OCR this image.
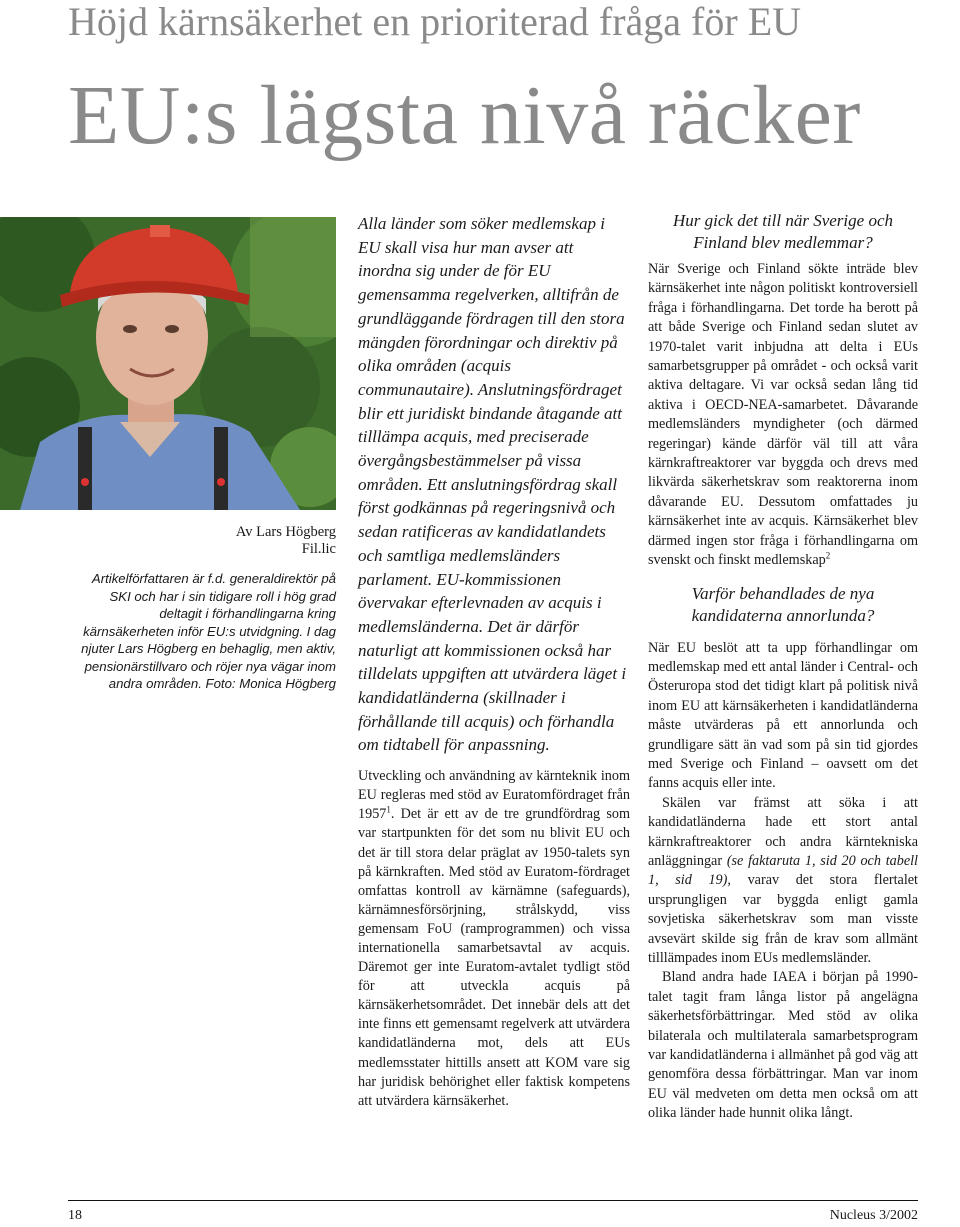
Höjd kärnsäkerhet en prioriterad fråga för EU
EU:s lägsta nivå räcker
Av Lars Högberg
Fil.lic
Artikelförfattaren är f.d. generaldirektör på SKI och har i sin tidigare roll i hög grad deltagit i förhandlingarna kring kärnsäkerheten inför EU:s utvidgning. I dag njuter Lars Högberg en behaglig, men aktiv, pensionärstillvaro och röjer nya vägar inom andra områden. Foto: Monica Högberg

Alla länder som söker medlemskap i EU skall visa hur man avser att inordna sig under de för EU gemensamma regelverken, alltifrån de grundläggande fördragen till den stora mängden förordningar och direktiv på olika områden (acquis communautaire). Anslutningsfördraget blir ett juridiskt bindande åtagande att tilllämpa acquis, med preciserade övergångsbestämmelser på vissa områden. Ett anslutningsfördrag skall först godkännas på regeringsnivå och sedan ratificeras av kandidatlandets och samtliga medlemsländers parlament. EU-kommissionen övervakar efterlevnaden av acquis i medlemsländerna. Det är därför naturligt att kommissionen också har tilldelats uppgiften att utvärdera läget i kandidatländerna (skillnader i förhållande till acquis) och förhandla om tidtabell för anpassning.

Utveckling och användning av kärnteknik inom EU regleras med stöd av Euratomfördraget från 1957$^1$. Det är ett av de tre grundfördrag som var startpunkten för det som nu blivit EU och det är till stora delar präglat av 1950-talets syn på kärnkraften. Med stöd av Euratom-fördraget omfattas kontroll av kärnämne (safeguards), kärnämnesförsörjning, strålskydd, viss gemensam FoU (ramprogrammen) och vissa internationella samarbetsavtal av acquis. Däremot ger inte Euratom-avtalet tydligt stöd för att utveckla acquis på kärnsäkerhetsområdet. Det innebär dels att det inte finns ett gemensamt regelverk att utvärdera kandidatländerna mot, dels att EUs medlemsstater hittills ansett att KOM vare sig har juridisk behörighet eller faktisk kompetens att utvärdera kärnsäkerhet.

Hur gick det till när Sverige och Finland blev medlemmar?

När Sverige och Finland sökte inträde blev kärnsäkerhet inte någon politiskt kontroversiell fråga i förhandlingarna. Det torde ha berott på att både Sverige och Finland sedan slutet av 1970-talet varit inbjudna att delta i EUs samarbetsgrupper på området - och också varit aktiva deltagare. Vi var också sedan lång tid aktiva i OECD-NEA-samarbetet. Dåvarande medlemsländers myndigheter (och därmed regeringar) kände därför väl till att våra kärnkraftreaktorer var byggda och drevs med likvärda säkerhetskrav som reaktorerna inom dåvarande EU. Dessutom omfattades ju kärnsäkerhet inte av acquis. Kärnsäkerhet blev därmed ingen stor fråga i förhandlingarna om svenskt och finskt medlemskap$^2$

Varför behandlades de nya kandidaterna annorlunda?

När EU beslöt att ta upp förhandlingar om medlemskap med ett antal länder i Central- och Österuropa stod det tidigt klart på politisk nivå inom EU att kärnsäkerheten i kandidatländerna måste utvärderas på ett annorlunda och grundligare sätt än vad som på sin tid gjordes med Sverige och Finland – oavsett om det fanns acquis eller inte.

Skälen var främst att söka i att kandidatländerna hade ett stort antal kärnkraftreaktorer och andra kärntekniska anläggningar (se faktaruta 1, sid 20 och tabell 1, sid 19), varav det stora flertalet ursprungligen var byggda enligt gamla sovjetiska säkerhetskrav som man visste avsevärt skilde sig från de krav som allmänt tilllämpades inom EUs medlemsländer.

Bland andra hade IAEA i början på 1990-talet tagit fram långa listor på angelägna säkerhetsförbättringar. Med stöd av olika bilaterala och multilaterala samarbetsprogram var kandidatländerna i allmänhet på god väg att genomföra dessa förbättringar. Man var inom EU väl medveten om detta men också om att olika länder hade hunnit olika långt.

18	Nucleus 3/2002
